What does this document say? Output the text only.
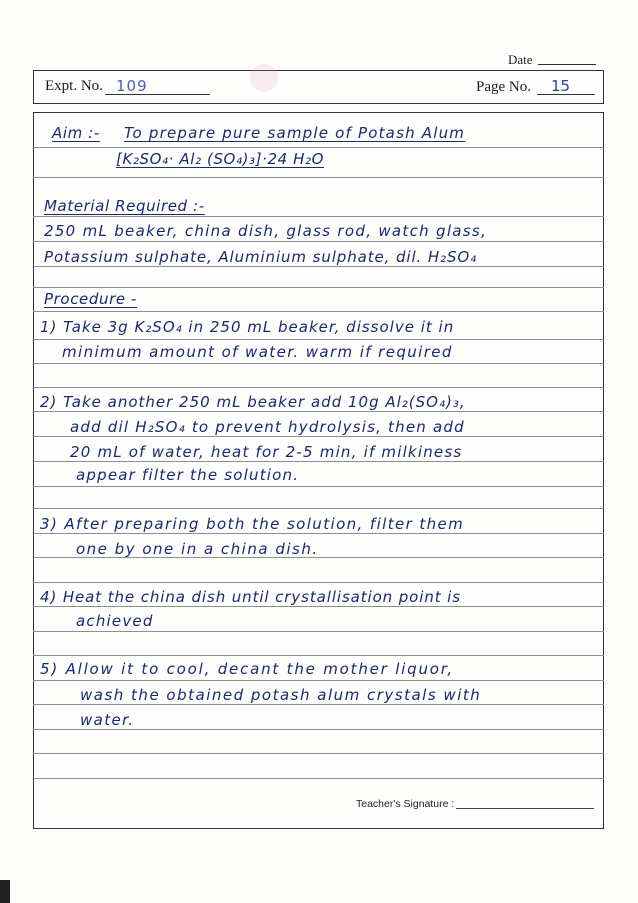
Date
Expt. No. 109	Page No. 15
Aim :- To prepare pure sample of Potash Alum
[K₂SO₄· Al₂ (SO₄)₃]·24 H₂O
Material Required :-
250 mL beaker, china dish, glass rod, watch glass,
Potassium sulphate, Aluminium sulphate, dil. H₂SO₄
Procedure -
1) Take 3g K₂SO₄ in 250 mL beaker, dissolve it in
minimum amount of water. warm if required
2) Take another 250 mL beaker add 10g Al₂(SO₄)₃,
add dil H₂SO₄ to prevent hydrolysis, then add
20 mL of water, heat for 2-5 min, if milkiness
appear filter the solution.
3) After preparing both the solution, filter them
one by one in a china dish.
4) Heat the china dish until crystallisation point is
achieved
5) Allow it to cool, decant the mother liquor,
wash the obtained potash alum crystals with
water.
Teacher's Signature :
